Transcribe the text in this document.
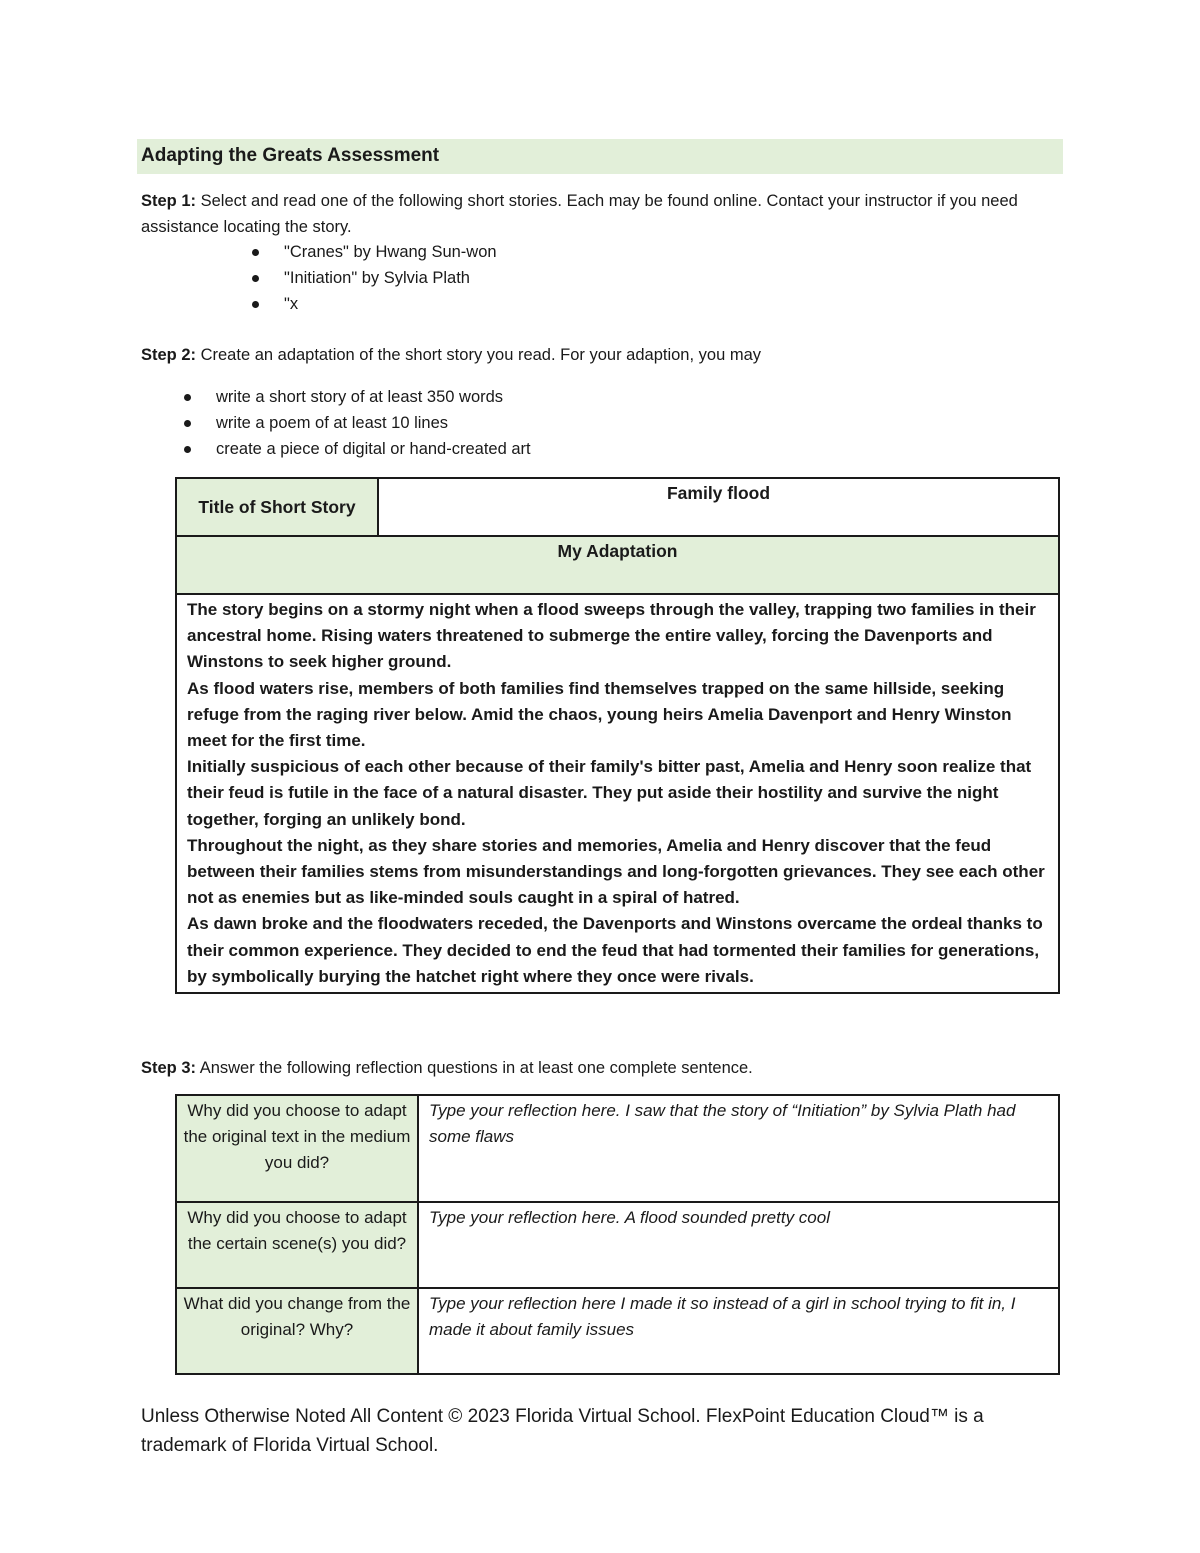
Adapting the Greats Assessment
Step 1: Select and read one of the following short stories. Each may be found online. Contact your instructor if you need assistance locating the story.
"Cranes" by Hwang Sun-won
"Initiation" by Sylvia Plath
"x
Step 2: Create an adaptation of the short story you read. For your adaption, you may
write a short story of at least 350 words
write a poem of at least 10 lines
create a piece of digital or hand-created art
Title of Short Story	Family flood
My Adaptation

The story begins on a stormy night when a flood sweeps through the valley, trapping two families in their ancestral home. Rising waters threatened to submerge the entire valley, forcing the Davenports and Winstons to seek higher ground.

As flood waters rise, members of both families find themselves trapped on the same hillside, seeking refuge from the raging river below. Amid the chaos, young heirs Amelia Davenport and Henry Winston meet for the first time.

Initially suspicious of each other because of their family's bitter past, Amelia and Henry soon realize that their feud is futile in the face of a natural disaster. They put aside their hostility and survive the night together, forging an unlikely bond.

Throughout the night, as they share stories and memories, Amelia and Henry discover that the feud between their families stems from misunderstandings and long-forgotten grievances. They see each other not as enemies but as like-minded souls caught in a spiral of hatred.

As dawn broke and the floodwaters receded, the Davenports and Winstons overcame the ordeal thanks to their common experience. They decided to end the feud that had tormented their families for generations, by symbolically burying the hatchet right where they once were rivals.

Step 3: Answer the following reflection questions in at least one complete sentence.
Why did you choose to adapt the original text in the medium you did?	Type your reflection here. I saw that the story of “Initiation” by Sylvia Plath had some flaws
Why did you choose to adapt the certain scene(s) you did?	Type your reflection here. A flood sounded pretty cool
What did you change from the original? Why?	Type your reflection here I made it so instead of a girl in school trying to fit in, I made it about family issues
Unless Otherwise Noted All Content © 2023 Florida Virtual School. FlexPoint Education Cloud™ is a trademark of Florida Virtual School.
